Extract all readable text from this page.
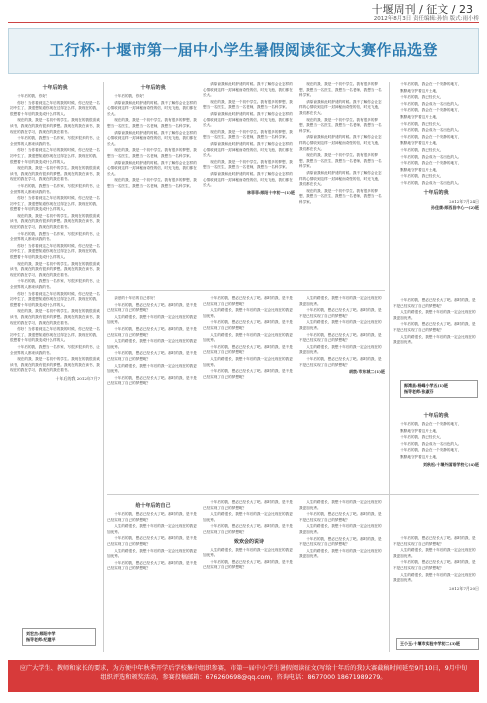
十堰周刊 / 征文 / 23
2012年8月3日 责任编辑:孙怡 版式:雨小桥
工行杯·十堰市第一届中小学生暑假阅读征文大赛作品选登
十年后的我

十年后的我，你好！

你好！当你看到这之年后的我的时候，你已经是一名初中生了，我很想知道你现在过得怎么样，我现在的我，很想着十年后的我变成什么样的人。

现在的我，我是一名初中的学生。我现在的我很喜欢读书，我现在的我有很多的梦想。我现在的我在读书，我现在的我在学习，我现在的我在看书。

十年后的我，我想当一名作家，写很多很多的书，让全世界的人都来读我的书。

你好！当你看到这之年后的我的时候，你已经是一名初中生了，我很想知道你现在过得怎么样，我现在的我，很想着十年后的我变成什么样的人。

现在的我，我是一名初中的学生。我现在的我很喜欢读书，我现在的我有很多的梦想。我现在的我在读书，我现在的我在学习，我现在的我在看书。

十年后的我，我想当一名作家，写很多很多的书，让全世界的人都来读我的书。

你好！当你看到这之年后的我的时候，你已经是一名初中生了，我很想知道你现在过得怎么样，我现在的我，很想着十年后的我变成什么样的人。

现在的我，我是一名初中的学生。我现在的我很喜欢读书，我现在的我有很多的梦想。我现在的我在读书，我现在的我在学习，我现在的我在看书。

十年后的我，我想当一名作家，写很多很多的书，让全世界的人都来读我的书。

你好！当你看到这之年后的我的时候，你已经是一名初中生了，我很想知道你现在过得怎么样，我现在的我，很想着十年后的我变成什么样的人。

现在的我，我是一名初中的学生。我现在的我很喜欢读书，我现在的我有很多的梦想。我现在的我在读书，我现在的我在学习，我现在的我在看书。

十年后的我，我想当一名作家，写很多很多的书，让全世界的人都来读我的书。

你好！当你看到这之年后的我的时候，你已经是一名初中生了，我很想知道你现在过得怎么样，我现在的我，很想着十年后的我变成什么样的人。

现在的我，我是一名初中的学生。我现在的我很喜欢读书，我现在的我有很多的梦想。我现在的我在读书，我现在的我在学习，我现在的我在看书。

你好！当你看到这之年后的我的时候，你已经是一名初中生了，我很想知道你现在过得怎么样，我现在的我，很想着十年后的我变成什么样的人。

十年后的我，我想当一名作家，写很多很多的书，让全世界的人都来读我的书。

现在的我，我是一名初中的学生。我现在的我很喜欢读书，我现在的我有很多的梦想。我现在的我在读书，我现在的我在学习，我现在的我在看书。

十年后的我 2012年7月7
刘宏杰:郧阳中学
指导老师:纪建平
十年后的我

十年后的我，你好！

请原谅我和此时舒适的时候。我不了解你会让怎样的心情收到这样一封神秘而奇怪的信，时光飞逝，我们都在长大。

现在的我，我是一个初中学生。我有很多的梦想，我想当一名医生，我想当一名老师，我想当一名科学家。

请原谅我和此时舒适的时候。我不了解你会让怎样的心情收到这样一封神秘而奇怪的信，时光飞逝，我们都在长大。

现在的我，我是一个初中学生。我有很多的梦想，我想当一名医生，我想当一名老师，我想当一名科学家。

请原谅我和此时舒适的时候。我不了解你会让怎样的心情收到这样一封神秘而奇怪的信，时光飞逝，我们都在长大。

现在的我，我是一个初中学生。我有很多的梦想，我想当一名医生，我想当一名老师，我想当一名科学家。

请原谅我和此时舒适的时候。我不了解你会让怎样的心情收到这样一封神秘而奇怪的信，时光飞逝，我们都在长大。

现在的我，我是一个初中学生。我有很多的梦想，我想当一名医生，我想当一名老师，我想当一名科学家。

请原谅我和此时舒适的时候。我不了解你会让怎样的心情收到这样一封神秘而奇怪的信，时光飞逝，我们都在长大。

现在的我，我是一个初中学生。我有很多的梦想，我想当一名医生，我想当一名老师，我想当一名科学家。

请原谅我和此时舒适的时候。我不了解你会让怎样的心情收到这样一封神秘而奇怪的信，时光飞逝，我们都在长大。

现在的我，我是一个初中学生。我有很多的梦想，我想当一名医生，我想当一名老师，我想当一名科学家。

请原谅我和此时舒适的时候。我不了解你会让怎样的心情收到这样一封神秘而奇怪的信，时光飞逝，我们都在长大。

林菲菲:郧阳十中初一(1)班

现在的我，我是一个初中学生。我有很多的梦想，我想当一名医生，我想当一名老师，我想当一名科学家。

请原谅我和此时舒适的时候。我不了解你会让怎样的心情收到这样一封神秘而奇怪的信，时光飞逝，我们都在长大。

现在的我，我是一个初中学生。我有很多的梦想，我想当一名医生，我想当一名老师，我想当一名科学家。

请原谅我和此时舒适的时候。我不了解你会让怎样的心情收到这样一封神秘而奇怪的信，时光飞逝，我们都在长大。

现在的我，我是一个初中学生。我有很多的梦想，我想当一名医生，我想当一名老师，我想当一名科学家。

请原谅我和此时舒适的时候。我不了解你会让怎样的心情收到这样一封神秘而奇怪的信，时光飞逝，我们都在长大。

现在的我，我是一个初中学生。我有很多的梦想，我想当一名医生，我想当一名老师，我想当一名科学家。

十年后的我，我会在一个安静的地方，

默默地守护着这片土地，

十年后的我，我已经长大，

十年后的我，我会成为一名出色的人。

十年后的我，我会在一个安静的地方，

默默地守护着这片土地，

十年后的我，我已经长大，

十年后的我，我会成为一名出色的人。

十年后的我，我会在一个安静的地方，

默默地守护着这片土地，

十年后的我，我已经长大，

十年后的我，我会成为一名出色的人。

十年后的我，我会在一个安静的地方，

默默地守护着这片土地，

十年后的我，我已经长大，

十年后的我，我会成为一名出色的人。

十年后的我
2012年7月24日
孙佳康:郧西县中心一(2)班

亲爱的十年后的自己你好！

十年后的我，想必已经长大了吧。那时的我，是不是已经实现了自己的梦想呢？

人生的路很长，我想十年后的我一定会比现在的我更加优秀。

十年后的我，想必已经长大了吧。那时的我，是不是已经实现了自己的梦想呢？

人生的路很长，我想十年后的我一定会比现在的我更加优秀。

十年后的我，想必已经长大了吧。那时的我，是不是已经实现了自己的梦想呢？

人生的路很长，我想十年后的我一定会比现在的我更加优秀。

十年后的我，想必已经长大了吧。那时的我，是不是已经实现了自己的梦想呢？

十年后的我，想必已经长大了吧。那时的我，是不是已经实现了自己的梦想呢？

人生的路很长，我想十年后的我一定会比现在的我更加优秀。

十年后的我，想必已经长大了吧。那时的我，是不是已经实现了自己的梦想呢？

人生的路很长，我想十年后的我一定会比现在的我更加优秀。

十年后的我，想必已经长大了吧。那时的我，是不是已经实现了自己的梦想呢？

人生的路很长，我想十年后的我一定会比现在的我更加优秀。

十年后的我，想必已经长大了吧。那时的我，是不是已经实现了自己的梦想呢？

人生的路很长，我想十年后的我一定会比现在的我更加优秀。

十年后的我，想必已经长大了吧。那时的我，是不是已经实现了自己的梦想呢？

人生的路很长，我想十年后的我一定会比现在的我更加优秀。

十年后的我，想必已经长大了吧。那时的我，是不是已经实现了自己的梦想呢？

人生的路很长，我想十年后的我一定会比现在的我更加优秀。

十年后的我，想必已经长大了吧。那时的我，是不是已经实现了自己的梦想呢？

胡宸:市东城二(1)班

十年后的我，想必已经长大了吧。那时的我，是不是已经实现了自己的梦想呢？

人生的路很长，我想十年后的我一定会比现在的我更加优秀。

十年后的我，想必已经长大了吧。那时的我，是不是已经实现了自己的梦想呢？

人生的路很长，我想十年后的我一定会比现在的我更加优秀。

郧湾县:杨峰小学五(1)班
指导老师:张淑芬
十年后的我

十年后的我，我会在一个安静的地方，

默默地守护着这片土地，

十年后的我，我已经长大，

十年后的我，我会成为一名出色的人。

十年后的我，我会在一个安静的地方，

默默地守护着这片土地，

刘秋松:十堰外国语学校七(4)班
给十年后的自己

十年后的我，想必已经长大了吧。那时的我，是不是已经实现了自己的梦想呢？

人生的路很长，我想十年后的我一定会比现在的我更加优秀。

十年后的我，想必已经长大了吧。那时的我，是不是已经实现了自己的梦想呢？

人生的路很长，我想十年后的我一定会比现在的我更加优秀。

十年后的我，想必已经长大了吧。那时的我，是不是已经实现了自己的梦想呢？

十年后的我，想必已经长大了吧。那时的我，是不是已经实现了自己的梦想呢？

人生的路很长，我想十年后的我一定会比现在的我更加优秀。

十年后的我，想必已经长大了吧。那时的我，是不是已经实现了自己的梦想呢？

致欢会的说诗

人生的路很长，我想十年后的我一定会比现在的我更加优秀。

十年后的我，想必已经长大了吧。那时的我，是不是已经实现了自己的梦想呢？

人生的路很长，我想十年后的我一定会比现在的我更加优秀。

十年后的我，想必已经长大了吧。那时的我，是不是已经实现了自己的梦想呢？

人生的路很长，我想十年后的我一定会比现在的我更加优秀。

十年后的我，想必已经长大了吧。那时的我，是不是已经实现了自己的梦想呢？

人生的路很长，我想十年后的我一定会比现在的我更加优秀。

十年后的我，想必已经长大了吧。那时的我，是不是已经实现了自己的梦想呢？

人生的路很长，我想十年后的我一定会比现在的我更加优秀。

十年后的我，想必已经长大了吧。那时的我，是不是已经实现了自己的梦想呢？

人生的路很长，我想十年后的我一定会比现在的我更加优秀。

2012年7月20日
王小玉:十堰市实验中学初二(3)班
应广大学生、教师和家长的要求，为方便中年秋季开学后学校集中组织参赛，市第一届中小学生暑假阅读征文(写给十年后的我)大赛截稿时间延至9月10日，9月中旬组织评选和颁奖活动，参赛投稿邮箱：676260698@qq.com，咨询电话：8677000 18671989279。
